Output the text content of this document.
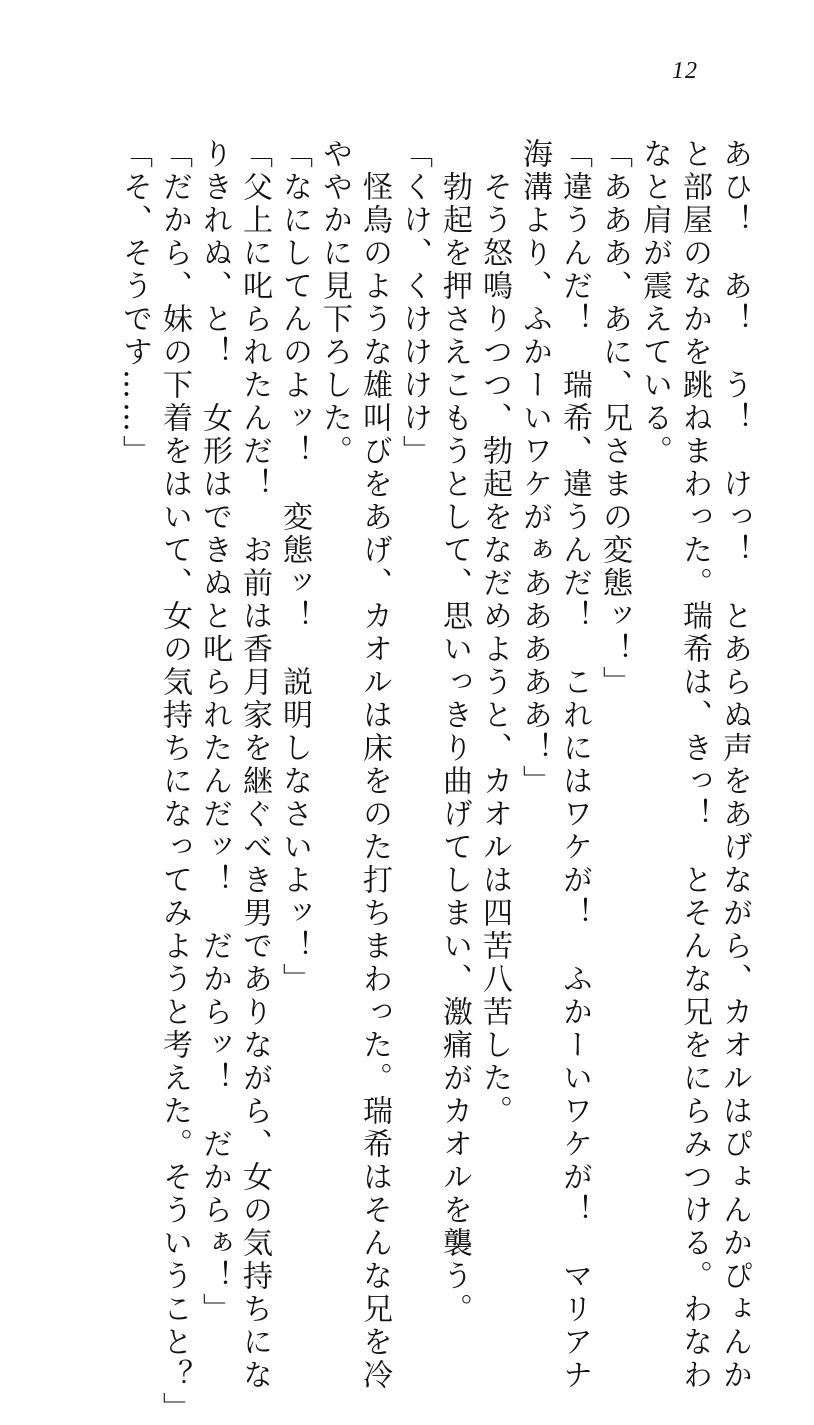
12
あひ！　あ！　う！　けっ！　とあらぬ声をあげながら、カオルはぴょんかぴょんか
と部屋のなかを跳ねまわった。瑞希は、きっ！　とそんな兄をにらみつける。わなわ
なと肩が震えている。
「あああ、あに、兄さまの変態ッ！」
「違うんだ！　瑞希、違うんだ！　これにはワケが！　ふかーいワケが！　マリアナ
海溝より、ふかーいワケがぁあああああ！」
　そう怒鳴りつつ、勃起をなだめようと、カオルは四苦八苦した。
　勃起を押さえこもうとして、思いっきり曲げてしまい、激痛がカオルを襲う。
「くけ、くけけけけ」
　怪鳥のような雄叫びをあげ、カオルは床をのた打ちまわった。瑞希はそんな兄を冷
ややかに見下ろした。
「なにしてんのよッ！　変態ッ！　説明しなさいよッ！」
「父上に叱られたんだ！　お前は香月家を継ぐべき男でありながら、女の気持ちにな
りきれぬ、と！　女形はできぬと叱られたんだッ！　だからッ！　だからぁ！」
「だから、妹の下着をはいて、女の気持ちになってみようと考えた。そういうこと？」
「そ、そうです……」
